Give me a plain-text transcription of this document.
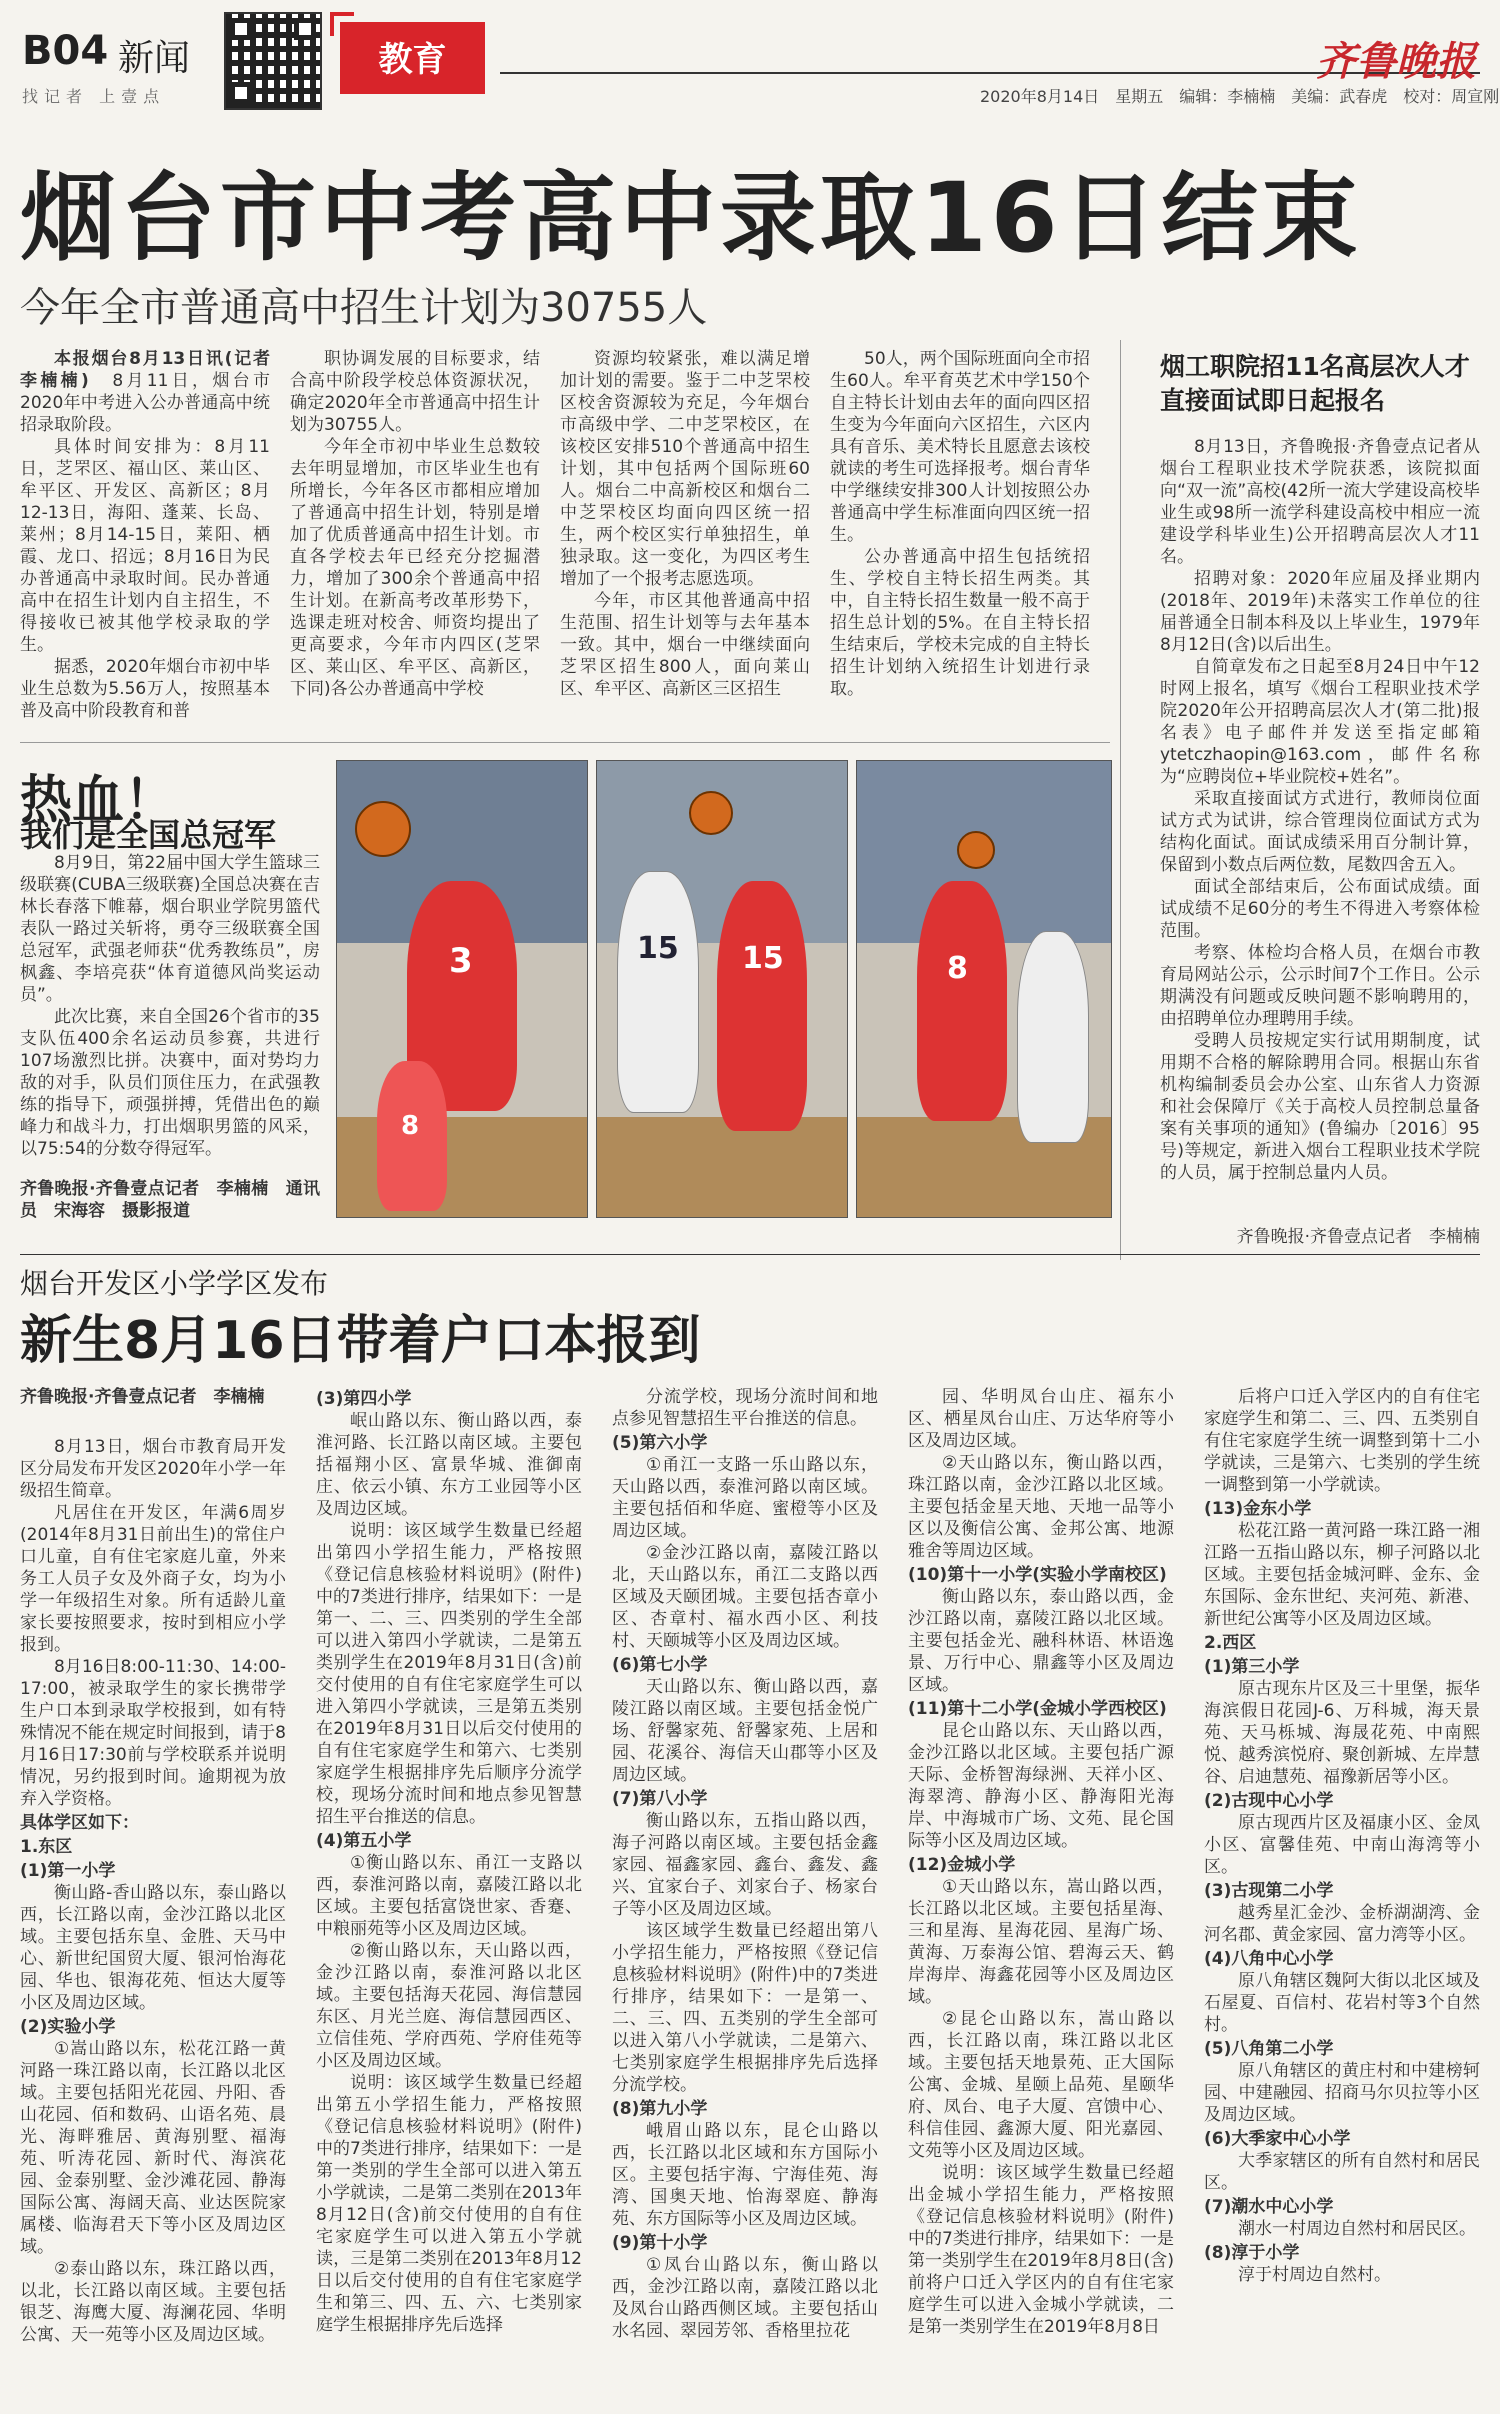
B04 新闻
找记者 上壹点
教育
2020年8月14日　星期五　编辑：李楠楠　美编：武春虎　校对：周宣刚
齐鲁晚报
烟台市中考高中录取16日结束
今年全市普通高中招生计划为30755人

本报烟台8月13日讯(记者 李楠楠)　8月11日，烟台市2020年中考进入公办普通高中统招录取阶段。

具体时间安排为：8月11日，芝罘区、福山区、莱山区、牟平区、开发区、高新区；8月12-13日，海阳、蓬莱、长岛、莱州；8月14-15日，莱阳、栖霞、龙口、招远；8月16日为民办普通高中录取时间。民办普通高中在招生计划内自主招生，不得接收已被其他学校录取的学生。

据悉，2020年烟台市初中毕业生总数为5.56万人，按照基本普及高中阶段教育和普

职协调发展的目标要求，结合高中阶段学校总体资源状况，确定2020年全市普通高中招生计划为30755人。

今年全市初中毕业生总数较去年明显增加，市区毕业生也有所增长，今年各区市都相应增加了普通高中招生计划，特别是增加了优质普通高中招生计划。市直各学校去年已经充分挖掘潜力，增加了300余个普通高中招生计划。在新高考改革形势下，选课走班对校舍、师资均提出了更高要求，今年市内四区(芝罘区、莱山区、牟平区、高新区，下同)各公办普通高中学校

资源均较紧张，难以满足增加计划的需要。鉴于二中芝罘校区校舍资源较为充足，今年烟台市高级中学、二中芝罘校区，在该校区安排510个普通高中招生计划，其中包括两个国际班60人。烟台二中高新校区和烟台二中芝罘校区均面向四区统一招生，两个校区实行单独招生，单独录取。这一变化，为四区考生增加了一个报考志愿选项。

今年，市区其他普通高中招生范围、招生计划等与去年基本一致。其中，烟台一中继续面向芝罘区招生800人，面向莱山区、牟平区、高新区三区招生

50人，两个国际班面向全市招生60人。牟平育英艺术中学150个自主特长计划由去年的面向四区招生变为今年面向六区招生，六区内具有音乐、美术特长且愿意去该校就读的考生可选择报考。烟台青华中学继续安排300人计划按照公办普通高中学生标准面向四区统一招生。

公办普通高中招生包括统招生、学校自主特长招生两类。其中，自主特长招生数量一般不高于招生总计划的5%。在自主特长招生结束后，学校未完成的自主特长招生计划纳入统招生计划进行录取。

烟工职院招11名高层次人才 直接面试即日起报名

8月13日，齐鲁晚报·齐鲁壹点记者从烟台工程职业技术学院获悉，该院拟面向“双一流”高校(42所一流大学建设高校毕业生或98所一流学科建设高校中相应一流建设学科毕业生)公开招聘高层次人才11名。

招聘对象：2020年应届及择业期内(2018年、2019年)未落实工作单位的往届普通全日制本科及以上毕业生，1979年8月12日(含)以后出生。

自简章发布之日起至8月24日中午12时网上报名，填写《烟台工程职业技术学院2020年公开招聘高层次人才(第二批)报名表》电子邮件并发送至指定邮箱ytetczhaopin@163.com，邮件名称为“应聘岗位+毕业院校+姓名”。

采取直接面试方式进行，教师岗位面试方式为试讲，综合管理岗位面试方式为结构化面试。面试成绩采用百分制计算，保留到小数点后两位数，尾数四舍五入。

面试全部结束后，公布面试成绩。面试成绩不足60分的考生不得进入考察体检范围。

考察、体检均合格人员，在烟台市教育局网站公示，公示时间7个工作日。公示期满没有问题或反映问题不影响聘用的，由招聘单位办理聘用手续。

受聘人员按规定实行试用期制度，试用期不合格的解除聘用合同。根据山东省机构编制委员会办公室、山东省人力资源和社会保障厅《关于高校人员控制总量备案有关事项的通知》(鲁编办〔2016〕95号)等规定，新进入烟台工程职业技术学院的人员，属于控制总量内人员。

齐鲁晚报·齐鲁壹点记者　李楠楠
热血！
我们是全国总冠军

8月9日，第22届中国大学生篮球三级联赛(CUBA三级联赛)全国总决赛在吉林长春落下帷幕，烟台职业学院男篮代表队一路过关斩将，勇夺三级联赛全国总冠军，武强老师获“优秀教练员”，房枫鑫、李培亮获“体育道德风尚奖运动员”。

此次比赛，来自全国26个省市的35支队伍400余名运动员参赛，共进行107场激烈比拼。决赛中，面对势均力敌的对手，队员们顶住压力，在武强教练的指导下，顽强拼搏，凭借出色的巅峰力和战斗力，打出烟职男篮的风采，以75:54的分数夺得冠军。

齐鲁晚报·齐鲁壹点记者　李楠楠　通讯员　宋海容　摄影报道
3
8
15 15	8
烟台开发区小学学区发布
新生8月16日带着户口本报到
齐鲁晚报·齐鲁壹点记者　李楠楠

8月13日，烟台市教育局开发区分局发布开发区2020年小学一年级招生简章。

凡居住在开发区，年满6周岁(2014年8月31日前出生)的常住户口儿童，自有住宅家庭儿童，外来务工人员子女及外商子女，均为小学一年级招生对象。所有适龄儿童家长要按照要求，按时到相应小学报到。

8月16日8:00-11:30、14:00-17:00，被录取学生的家长携带学生户口本到录取学校报到，如有特殊情况不能在规定时间报到，请于8月16日17:30前与学校联系并说明情况，另约报到时间。逾期视为放弃入学资格。

具体学区如下：

1.东区

(1)第一小学

衡山路-香山路以东，泰山路以西，长江路以南，金沙江路以北区域。主要包括东皇、金胜、天马中心、新世纪国贸大厦、银河怡海花园、华也、银海花苑、恒达大厦等小区及周边区域。

(2)实验小学

①嵩山路以东，松花江路一黄河路一珠江路以南，长江路以北区域。主要包括阳光花园、丹阳、香山花园、佰和数码、山语名苑、晨光、海畔雅居、黄海别墅、福海苑、听涛花园、新时代、海滨花园、金泰别墅、金沙滩花园、静海国际公寓、海阔天高、业达医院家属楼、临海君天下等小区及周边区域。

②泰山路以东，珠江路以西，以北，长江路以南区域。主要包括银芝、海鹰大厦、海澜花园、华明公寓、天一苑等小区及周边区域。

(3)第四小学

岷山路以东、衡山路以西，泰淮河路、长江路以南区域。主要包括福翔小区、富景华城、淮御南庄、依云小镇、东方工业园等小区及周边区域。

说明：该区域学生数量已经超出第四小学招生能力，严格按照《登记信息核验材料说明》(附件)中的7类进行排序，结果如下：一是第一、二、三、四类别的学生全部可以进入第四小学就读，二是第五类别学生在2019年8月31日(含)前交付使用的自有住宅家庭学生可以进入第四小学就读，三是第五类别在2019年8月31日以后交付使用的自有住宅家庭学生和第六、七类别家庭学生根据排序先后顺序分流学校，现场分流时间和地点参见智慧招生平台推送的信息。

(4)第五小学

①衡山路以东、甬江一支路以西，泰淮河路以南，嘉陵江路以北区域。主要包括富饶世家、香蹇、中粮丽苑等小区及周边区域。

②衡山路以东，天山路以西，金沙江路以南，泰淮河路以北区域。主要包括海天花园、海信慧园东区、月光兰庭、海信慧园西区、立信佳苑、学府西苑、学府佳苑等小区及周边区域。

说明：该区域学生数量已经超出第五小学招生能力，严格按照《登记信息核验材料说明》(附件)中的7类进行排序，结果如下：一是第一类别的学生全部可以进入第五小学就读，二是第二类别在2013年8月12日(含)前交付使用的自有住宅家庭学生可以进入第五小学就读，三是第二类别在2013年8月12日以后交付使用的自有住宅家庭学生和第三、四、五、六、七类别家庭学生根据排序先后选择

分流学校，现场分流时间和地点参见智慧招生平台推送的信息。

(5)第六小学

①甬江一支路一乐山路以东，天山路以西，泰淮河路以南区域。主要包括佰和华庭、蜜橙等小区及周边区域。

②金沙江路以南，嘉陵江路以北，天山路以东，甬江二支路以西区域及天颐团城。主要包括杏章小区、杏章村、福水西小区、利技村、天颐城等小区及周边区域。

(6)第七小学

天山路以东、衡山路以西，嘉陵江路以南区域。主要包括金悦广场、舒馨家苑、舒馨家苑、上居和园、花溪谷、海信天山郡等小区及周边区域。

(7)第八小学

衡山路以东，五指山路以西，海子河路以南区域。主要包括金鑫家园、福鑫家园、鑫台、鑫发、鑫兴、宜家台子、刘家台子、杨家台子等小区及周边区域。

该区域学生数量已经超出第八小学招生能力，严格按照《登记信息核验材料说明》(附件)中的7类进行排序，结果如下：一是第一、二、三、四、五类别的学生全部可以进入第八小学就读，二是第六、七类别家庭学生根据排序先后选择分流学校。

(8)第九小学

峨眉山路以东，昆仑山路以西，长江路以北区域和东方国际小区。主要包括宇海、宁海佳苑、海湾、国奥天地、怡海翠庭、静海苑、东方国际等小区及周边区域。

(9)第十小学

①凤台山路以东，衡山路以西，金沙江路以南，嘉陵江路以北及凤台山路西侧区域。主要包括山水名园、翠园芳邻、香格里拉花

园、华明凤台山庄、福东小区、栖星凤台山庄、万达华府等小区及周边区域。

②天山路以东，衡山路以西，珠江路以南，金沙江路以北区域。主要包括金星天地、天地一品等小区以及衡信公寓、金邦公寓、地源雅舍等周边区域。

(10)第十一小学(实验小学南校区)

衡山路以东，泰山路以西，金沙江路以南，嘉陵江路以北区域。主要包括金光、融科林语、林语逸景、万行中心、鼎鑫等小区及周边区域。

(11)第十二小学(金城小学西校区)

昆仑山路以东、天山路以西，金沙江路以北区域。主要包括广源天际、金桥智海绿洲、天祥小区、海翠湾、静海小区、静海阳光海岸、中海城市广场、文苑、昆仑国际等小区及周边区域。

(12)金城小学

①天山路以东，嵩山路以西，长江路以北区域。主要包括星海、三和星海、星海花园、星海广场、黄海、万泰海公馆、碧海云天、鹤岸海岸、海鑫花园等小区及周边区域。

②昆仑山路以东，嵩山路以西，长江路以南，珠江路以北区域。主要包括天地景苑、正大国际公寓、金城、星颐上品苑、星颐华府、凤台、电子大厦、宫馈中心、科信佳园、鑫源大厦、阳光嘉园、文苑等小区及周边区域。

说明：该区域学生数量已经超出金城小学招生能力，严格按照《登记信息核验材料说明》(附件)中的7类进行排序，结果如下：一是第一类别学生在2019年8月8日(含)前将户口迁入学区内的自有住宅家庭学生可以进入金城小学就读，二是第一类别学生在2019年8月8日

后将户口迁入学区内的自有住宅家庭学生和第二、三、四、五类别自有住宅家庭学生统一调整到第十二小学就读，三是第六、七类别的学生统一调整到第一小学就读。

(13)金东小学

松花江路一黄河路一珠江路一湘江路一五指山路以东，柳子河路以北区域。主要包括金城河畔、金东、金东国际、金东世纪、夹河苑、新港、新世纪公寓等小区及周边区域。

2.西区

(1)第三小学

原古现东片区及三十里堡，振华海滨假日花园J-6、万科城，海天景苑、天马栎城、海晟花苑、中南熙悦、越秀滨悦府、聚创新城、左岸慧谷、启迪慧苑、福豫新居等小区。

(2)古现中心小学

原古现西片区及福康小区、金凤小区、富馨佳苑、中南山海湾等小区。

(3)古现第二小学

越秀星汇金沙、金桥湖湖湾、金河名郡、黄金家园、富力湾等小区。

(4)八角中心小学

原八角辖区魏阿大街以北区域及石屋夏、百信村、花岩村等3个自然村。

(5)八角第二小学

原八角辖区的黄庄村和中建榜轲园、中建融园、招商马尔贝拉等小区及周边区域。

(6)大季家中心小学

大季家辖区的所有自然村和居民区。

(7)潮水中心小学

潮水一村周边自然村和居民区。

(8)淳于小学

淳于村周边自然村。
